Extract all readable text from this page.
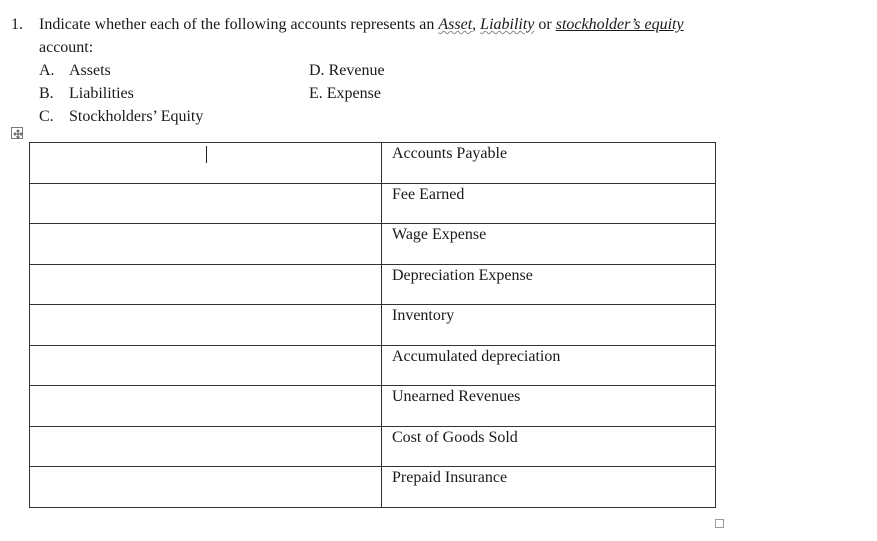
1. Indicate whether each of the following accounts represents an Asset, Liability or stockholder’s equity
account:
A. Assets
B. Liabilities
C. Stockholders’ Equity
D. Revenue
E. Expense
	Accounts Payable
	Fee Earned
	Wage Expense
	Depreciation Expense
	Inventory
	Accumulated depreciation
	Unearned Revenues
	Cost of Goods Sold
	Prepaid Insurance
